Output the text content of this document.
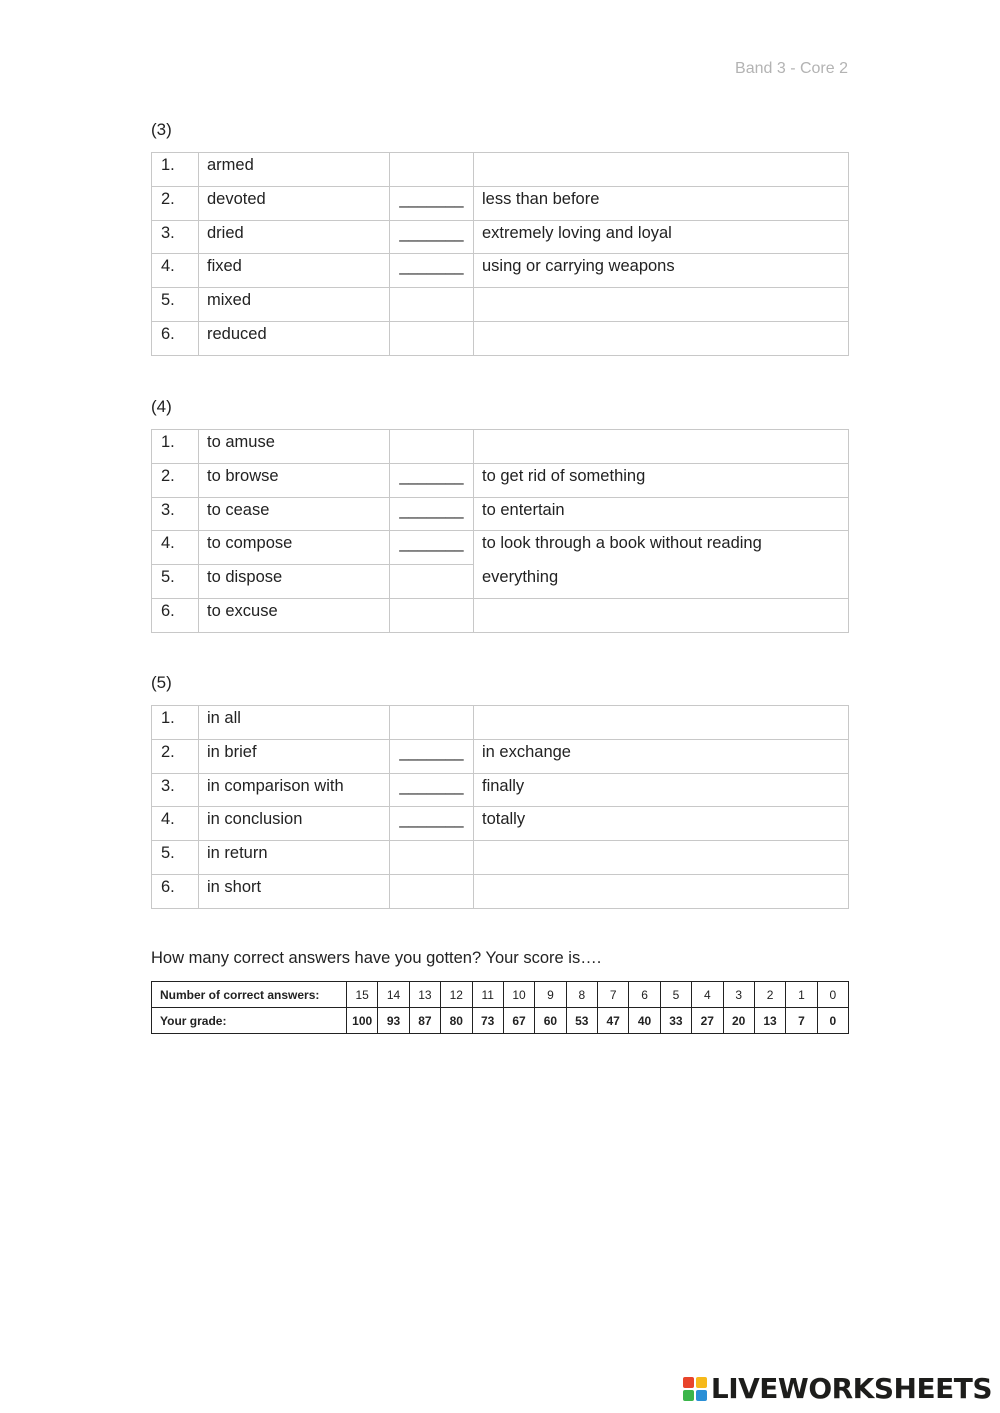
Band 3 - Core 2
(3)
1.	armed		
2.	devoted	_______	less than before
3.	dried	_______	extremely loving and loyal
4.	fixed	_______	using or carrying weapons
5.	mixed		
6.	reduced		
(4)
1.	to amuse		
2.	to browse	_______	to get rid of something
3.	to cease	_______	to entertain
4.	to compose	_______	to look through a book without reading
5.	to dispose		everything
6.	to excuse		
(5)
1.	in all		
2.	in brief	_______	in exchange
3.	in comparison with	_______	finally
4.	in conclusion	_______	totally
5.	in return		
6.	in short		
How many correct answers have you gotten? Your score is….
Number of correct answers:	15	14	13	12	11	10	9	8	7	6	5	4	3	2	1	0
Your grade:	100	93	87	80	73	67	60	53	47	40	33	27	20	13	7	0
LIVEWORKSHEETS
